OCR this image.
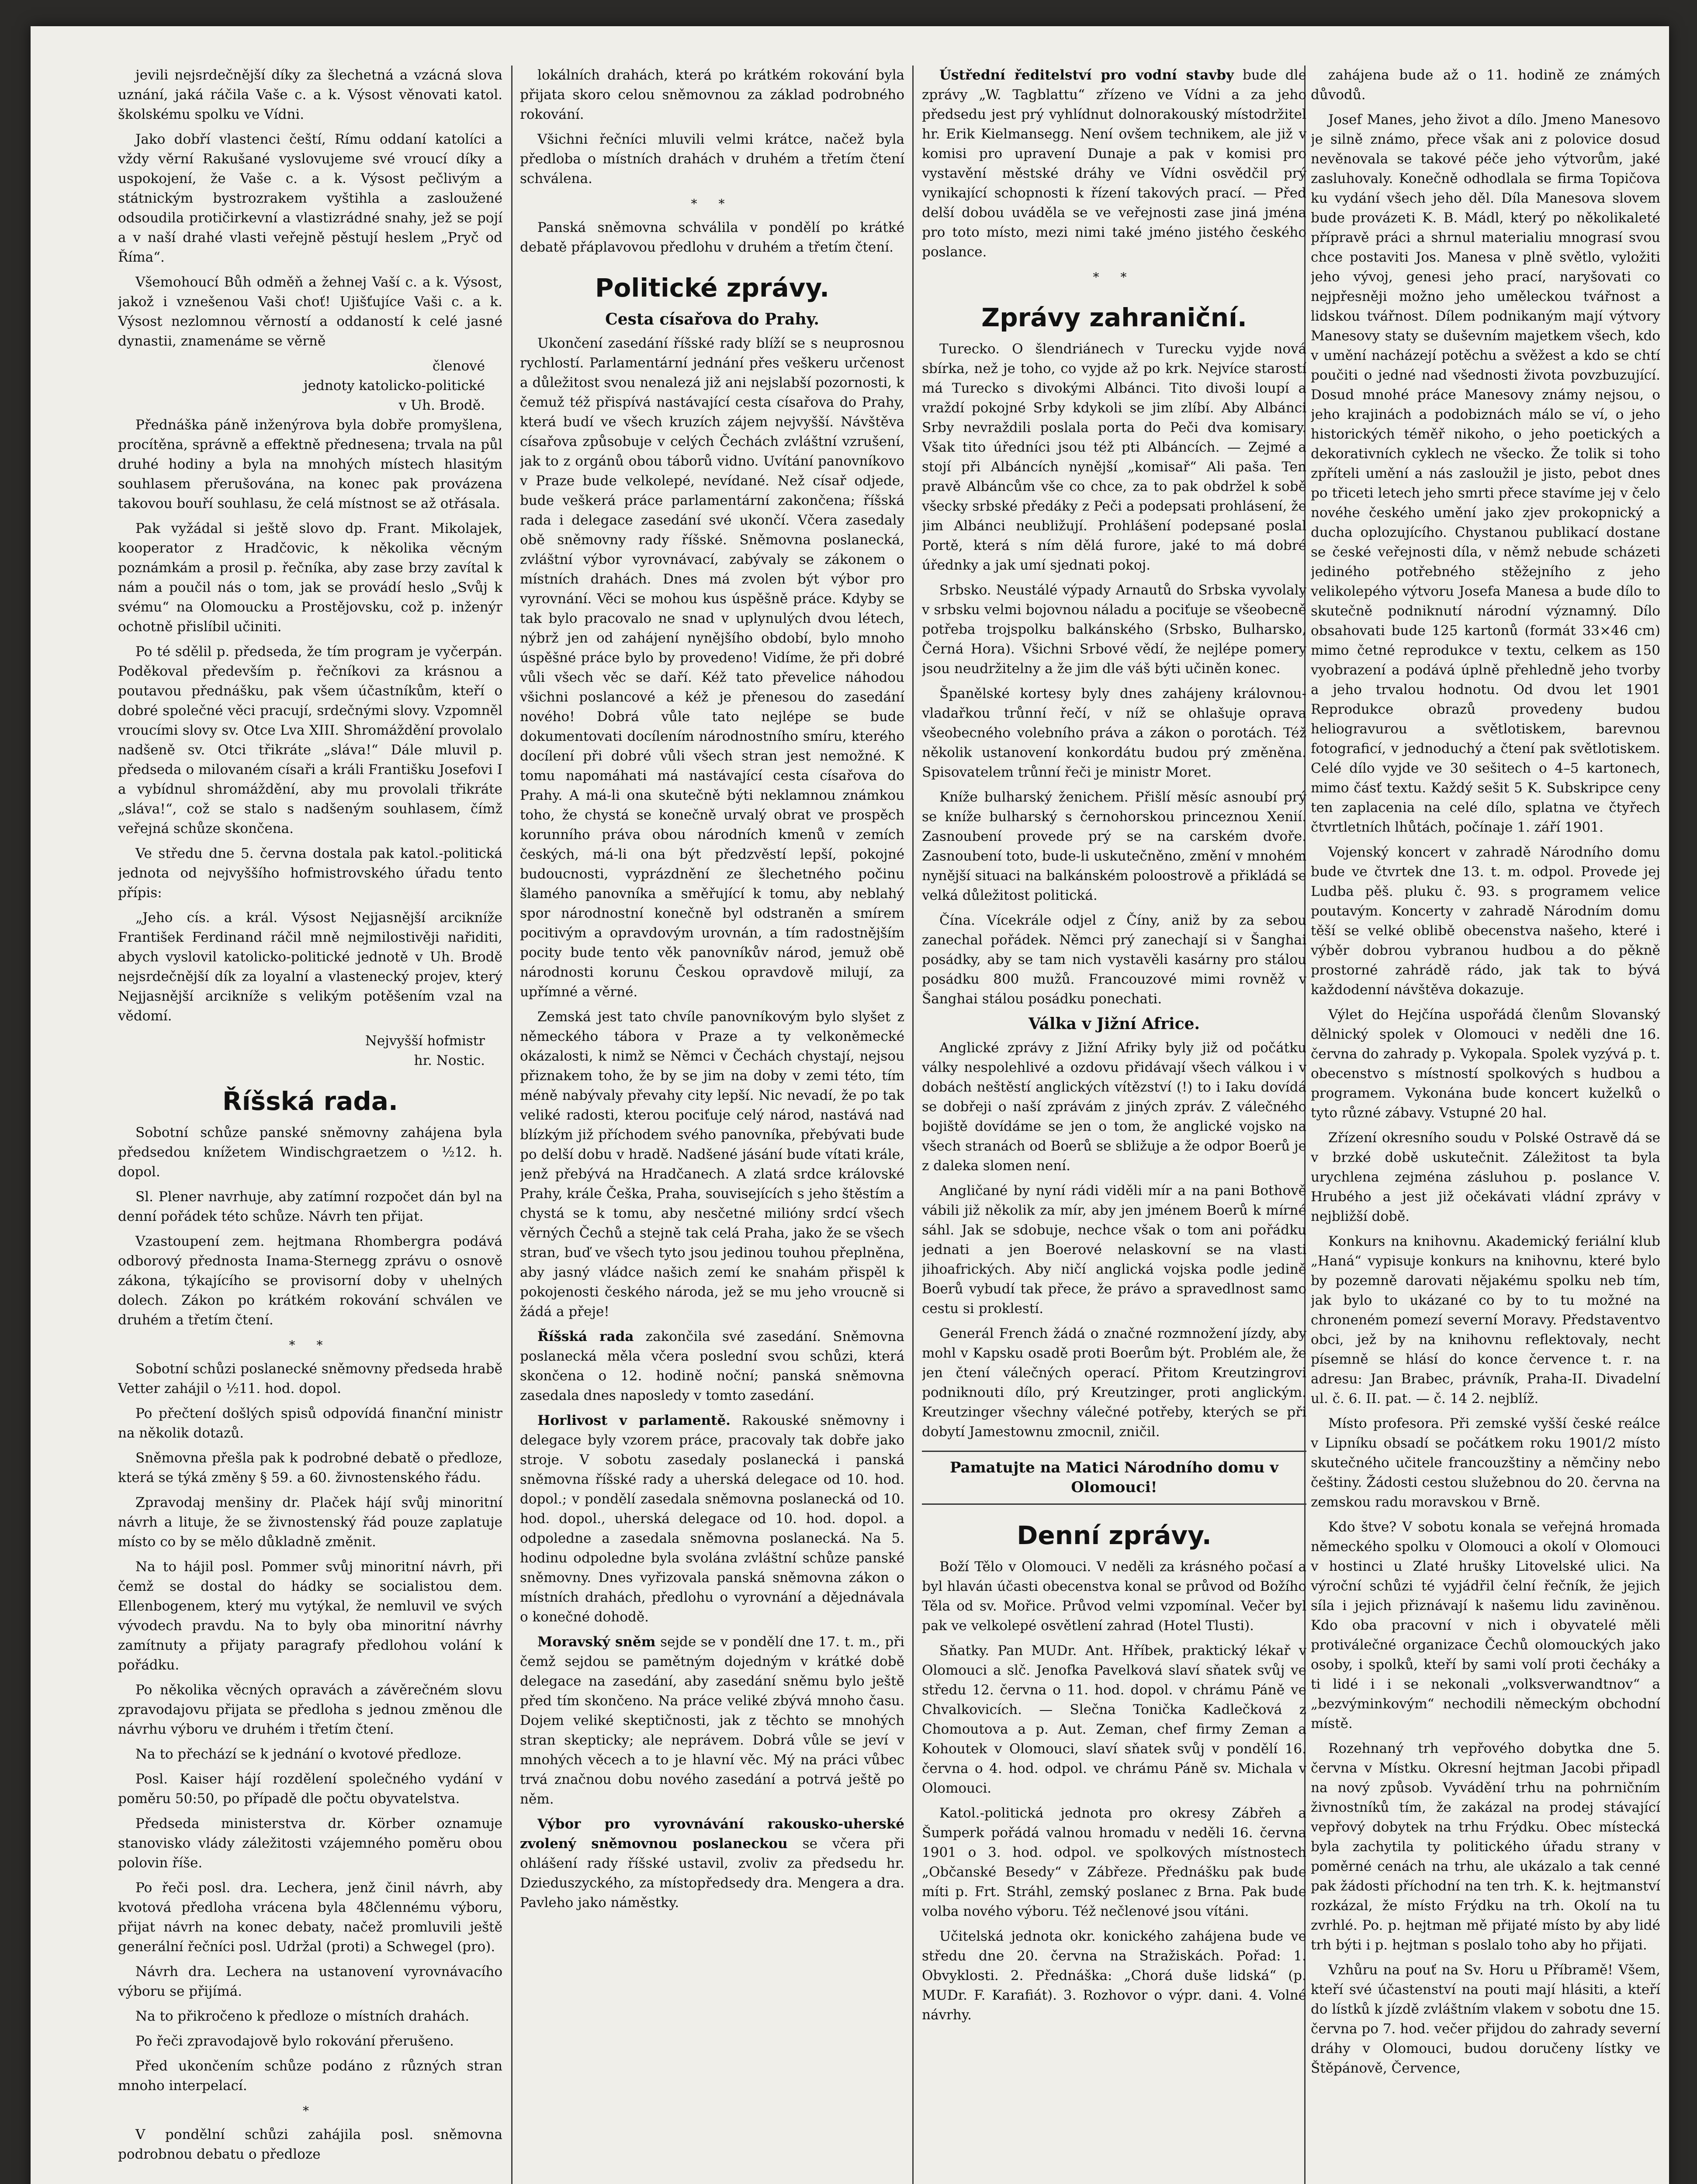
jevili nejsrdečnější díky za šlechetná a vzácná slova uznání, jaká ráčila Vaše c. a k. Výsost věnovati katol. školskému spolku ve Vídni.

Jako dobří vlastenci čeští, Rímu oddaní katolíci a vždy věrní Rakušané vyslovujeme své vroucí díky a uspokojení, že Vaše c. a k. Výsost pečlivým a státnickým bystrozrakem vyštihla a zasloužené odsoudila protičirkevní a vlastizrádné snahy, jež se pojí a v naší drahé vlasti veřejně pěstují heslem „Pryč od Říma“.

Všemohoucí Bůh odměň a žehnej Vaší c. a k. Výsost, jakož i vznešenou Vaši choť! Ujišťujíce Vaši c. a k. Výsost nezlomnou věrností a oddaností k celé jasné dynastii, znamenáme se věrně

členové
jednoty katolicko-politické
v Uh. Brodě.

Přednáška páně inženýrova byla dobře promyšlena, procítěna, správně a effektně přednesena; trvala na půl druhé hodiny a byla na mnohých místech hlasitým souhlasem přerušována, na konec pak provázena takovou bouří souhlasu, že celá místnost se až otřásala.

Pak vyžádal si ještě slovo dp. Frant. Mikolajek, kooperator z Hradčovic, k několika věcným poznámkám a prosil p. řečníka, aby zase brzy zavítal k nám a poučil nás o tom, jak se provádí heslo „Svůj k svému“ na Olomoucku a Prostějovsku, což p. inženýr ochotně přislíbil učiniti.

Po té sdělil p. předseda, že tím program je vyčerpán. Poděkoval především p. řečníkovi za krásnou a poutavou přednášku, pak všem účastníkům, kteří o dobré společné věci pracují, srdečnými slovy. Vzpomněl vroucími slovy sv. Otce Lva XIII. Shromáždění provolalo nadšeně sv. Otci třikráte „sláva!“ Dále mluvil p. předseda o milovaném císaři a králi Františku Josefovi I a vybídnul shromáždění, aby mu provolali třikráte „sláva!“, což se stalo s nadšeným souhlasem, čímž veřejná schůze skončena.

Ve středu dne 5. června dostala pak katol.-politická jednota od nejvyššího hofmistrovského úřadu tento přípis:

„Jeho cís. a král. Výsost Nejjasnější arcikníže František Ferdinand ráčil mně nejmilostivěji nařiditi, abych vyslovil katolicko-politické jednotě v Uh. Brodě nejsrdečnější dík za loyalní a vlastenecký projev, který Nejjasnější arcikníže s velikým potěšením vzal na vědomí.

Nejvyšší hofmistr
hr. Nostic.
Říšská rada.

Sobotní schůze panské sněmovny zahájena byla předsedou knížetem Windischgraetzem o ½12. h. dopol.

Sl. Plener navrhuje, aby zatímní rozpočet dán byl na denní pořádek této schůze. Návrh ten přijat.

Vzastoupení zem. hejtmana Rhombergra podává odborový přednosta Inama-Sternegg zprávu o osnově zákona, týkajícího se provisorní doby v uhelných dolech. Zákon po krátkém rokování schválen ve druhém a třetím čtení.

* *

Sobotní schůzi poslanecké sněmovny předseda hrabě Vetter zahájil o ½11. hod. dopol.

Po přečtení došlých spisů odpovídá finanční ministr na několik dotazů.

Sněmovna přešla pak k podrobné debatě o předloze, která se týká změny § 59. a 60. živnostenského řádu.

Zpravodaj menšiny dr. Plaček hájí svůj minoritní návrh a lituje, že se živnostenský řád pouze zaplatuje místo co by se mělo důkladně změnit.

Na to hájil posl. Pommer svůj minoritní návrh, při čemž se dostal do hádky se socialistou dem. Ellenbogenem, který mu vytýkal, že nemluvil ve svých vývodech pravdu. Na to byly oba minoritní návrhy zamítnuty a přijaty paragrafy předlohou volání k pořádku.

Po několika věcných opravách a závěrečném slovu zpravodajovu přijata se předloha s jednou změnou dle návrhu výboru ve druhém i třetím čtení.

Na to přechází se k jednání o kvotové předloze.

Posl. Kaiser hájí rozdělení společného vydání v poměru 50:50, po případě dle počtu obyvatelstva.

Předseda ministerstva dr. Körber oznamuje stanovisko vlády záležitosti vzájemného poměru obou polovin říše.

Po řeči posl. dra. Lechera, jenž činil návrh, aby kvotová předloha vrácena byla 48člennému výboru, přijat návrh na konec debaty, načež promluvili ještě generální řečníci posl. Udržal (proti) a Schwegel (pro).

Návrh dra. Lechera na ustanovení vyrovnávacího výboru se přijímá.

Na to přikročeno k předloze o místních drahách.

Po řeči zpravodajově bylo rokování přerušeno.

Před ukončením schůze podáno z různých stran mnoho interpelací.

*

V pondělní schůzi zahájila posl. sněmovna podrobnou debatu o předloze

lokálních drahách, která po krátkém rokování byla přijata skoro celou sněmovnou za základ podrobného rokování.

Všichni řečníci mluvili velmi krátce, načež byla předloba o místních drahách v druhém a třetím čtení schválena.

* *

Panská sněmovna schválila v pondělí po krátké debatě přáplavovou předlohu v druhém a třetím čtení.

Politické zprávy.
Cesta císařova do Prahy.

Ukončení zasedání říšské rady blíží se s neuprosnou rychlostí. Parlamentární jednání přes veškeru určenost a důležitost svou nenalezá již ani nejslabší pozornosti, k čemuž též přispívá nastávající cesta císařova do Prahy, která budí ve všech kruzích zájem nejvyšší. Návštěva císařova způsobuje v celých Čechách zvláštní vzrušení, jak to z orgánů obou táborů vidno. Uvítání panovníkovo v Praze bude velkolepé, nevídané. Než císař odjede, bude veškerá práce parlamentární zakončena; říšská rada i delegace zasedání své ukončí. Včera zasedaly obě sněmovny rady říšské. Sněmovna poslanecká, zvláštní výbor vyrovnávací, zabývaly se zákonem o místních drahách. Dnes má zvolen být výbor pro vyrovnání. Věci se mohou kus úspěšně práce. Kdyby se tak bylo pracovalo ne snad v uplynulých dvou létech, nýbrž jen od zahájení nynějšího období, bylo mnoho úspěšné práce bylo by provedeno! Vidíme, že při dobré vůli všech věc se daří. Kéž tato převelice náhodou všichni poslancové a kéž je přenesou do zasedání nového! Dobrá vůle tato nejlépe se bude dokumentovati docílením národnostního smíru, kterého docílení při dobré vůli všech stran jest nemožné. K tomu napomáhati má nastávající cesta císařova do Prahy. A má-li ona skutečně býti neklamnou známkou toho, že chystá se konečně urvalý obrat ve prospěch korunního práva obou národních kmenů v zemích českých, má-li ona být předzvěstí lepší, pokojné budoucnosti, vyprázdnění ze šlechetného počinu šlamého panovníka a směřující k tomu, aby neblahý spor národnostní konečně byl odstraněn a smírem pocitivým a opravdovým urovnán, a tím radostnějším pocity bude tento věk panovníkův národ, jemuž obě národnosti korunu Českou opravdově milují, za upřímné a věrné.

Zemská jest tato chvíle panovníkovým bylo slyšet z německého tábora v Praze a ty velkoněmecké okázalosti, k nimž se Němci v Čechách chystají, nejsou přiznakem toho, že by se jim na doby v zemi této, tím méně nabývaly převahy city lepší. Nic nevadí, že po tak veliké radosti, kterou pociťuje celý národ, nastává nad blízkým již příchodem svého panovníka, přebývati bude po delší dobu v hradě. Nadšené jásání bude vítati krále, jenž přebývá na Hradčanech. A zlatá srdce královské Prahy, krále Češka, Praha, souvisejících s jeho štěstím a chystá se k tomu, aby nesčetné milióny srdcí všech věrných Čechů a stejně tak celá Praha, jako že se všech stran, buď ve všech tyto jsou jedinou touhou přeplněna, aby jasný vládce našich zemí ke snahám přispěl k pokojenosti českého národa, jež se mu jeho vroucně si žádá a přeje!

Říšská rada zakončila své zasedání. Sněmovna poslanecká měla včera poslední svou schůzi, která skončena o 12. hodině noční; panská sněmovna zasedala dnes naposledy v tomto zasedání.

Horlivost v parlamentě. Rakouské sněmovny i delegace byly vzorem práce, pracovaly tak dobře jako stroje. V sobotu zasedaly poslanecká i panská sněmovna říšské rady a uherská delegace od 10. hod. dopol.; v pondělí zasedala sněmovna poslanecká od 10. hod. dopol., uherská delegace od 10. hod. dopol. a odpoledne a zasedala sněmovna poslanecká. Na 5. hodinu odpoledne byla svolána zvláštní schůze panské sněmovny. Dnes vyřizovala panská sněmovna zákon o místních drahách, předlohu o vyrovnání a dějednávala o konečné dohodě.

Moravský sněm sejde se v pondělí dne 17. t. m., při čemž sejdou se pamětným dojedným v krátké době delegace na zasedání, aby zasedání sněmu bylo ještě před tím skončeno. Na práce veliké zbývá mnoho času. Dojem veliké skeptičnosti, jak z těchto se mnohých stran skepticky; ale neprávem. Dobrá vůle se jeví v mnohých věcech a to je hlavní věc. Mý na práci vůbec trvá značnou dobu nového zasedání a potrvá ještě po něm.

Výbor pro vyrovnávání rakousko-uherské zvolený sněmovnou poslaneckou se včera při ohlášení rady říšské ustavil, zvoliv za předsedu hr. Dzieduszyckého, za místopředsedy dra. Mengera a dra. Pavleho jako náměstky.

Ústřední ředitelství pro vodní stavby bude dle zprávy „W. Tagblattu“ zřízeno ve Vídni a za jeho předsedu jest prý vyhlídnut dolnorakouský místodržitel hr. Erik Kielmansegg. Není ovšem technikem, ale již v komisi pro upravení Dunaje a pak v komisi pro vystavění městské dráhy ve Vídni osvědčil prý vynikající schopnosti k řízení takových prací. — Před delší dobou uváděla se ve veřejnosti zase jiná jména pro toto místo, mezi nimi také jméno jistého českého poslance.

* *
Zprávy zahraniční.

Turecko. O šlendriánech v Turecku vyjde nová sbírka, než je toho, co vyjde až po krk. Nejvíce starostí má Turecko s divokými Albánci. Tito divoši loupí a vraždí pokojné Srby kdykoli se jim zlíbí. Aby Albánci Srby nevraždili poslala porta do Peči dva komisary. Však tito úředníci jsou též pti Albáncích. — Zejmé a stojí při Albáncích nynější „komisař“ Ali paša. Ten pravě Albáncům vše co chce, za to pak obdržel k sobě všecky srbské předáky z Peči a podepsati prohlásení, že jim Albánci neubližují. Prohlášení podepsané poslal Portě, která s ním dělá furore, jaké to má dobré úřednky a jak umí sjednati pokoj.

Srbsko. Neustálé výpady Arnautů do Srbska vyvolaly v srbsku velmi bojovnou náladu a pociťuje se všeobecně potřeba trojspolku balkánského (Srbsko, Bulharsko, Černá Hora). Všichni Srbové vědí, že nejlépe pomery jsou neudržitelny a že jim dle váš býti učiněn konec.

Španělské kortesy byly dnes zahájeny královnou-vladařkou trůnní řečí, v níž se ohlašuje oprava všeobecného volebního práva a zákon o porotách. Též několik ustanovení konkordátu budou prý změněna. Spisovatelem trůnní řeči je ministr Moret.

Kníže bulharský ženichem. Přišlí měsíc asnoubí prý se kníže bulharský s černohorskou princeznou Xenií. Zasnoubení provede prý se na carském dvoře. Zasnoubení toto, bude-li uskutečněno, změní v mnohém nynější situaci na balkánském poloostrově a přikládá se velká důležitost politická.

Čína. Vícekrále odjel z Číny, aniž by za sebou zanechal pořádek. Němci prý zanechají si v Šanghai posádky, aby se tam nich vystavěli kasárny pro stálou posádku 800 mužů. Francouzové mimi rovněž v Šanghai stálou posádku ponechati.

Válka v Jižní Africe.

Anglické zprávy z Jižní Afriky byly již od počátku války nespolehlivé a ozdovu přidávají všech válkou i v dobách neštěstí anglických vítězství (!) to i Iaku dovídá se dobřeji o naší zprávám z jiných zpráv. Z válečného bojiště dovídáme se jen o tom, že anglické vojsko na všech stranách od Boerů se sbližuje a že odpor Boerů je z daleka slomen není.

Angličané by nyní rádi viděli mír a na pani Bothově vábili již několik za mír, aby jen jménem Boerů k mírné sáhl. Jak se sdobuje, nechce však o tom ani pořádku jednati a jen Boerové nelaskovní se na vlasti jihoafrických. Aby ničí anglická vojska podle jedině Boerů vybudí tak přece, že právo a spravedlnost samo cestu si proklestí.

Generál French žádá o značné rozmnožení jízdy, aby mohl v Kapsku osadě proti Boerům být. Problém ale, že jen čtení válečných operací. Přitom Kreutzingrovi podniknouti dílo, prý Kreutzinger, proti anglickým. Kreutzinger všechny válečné potřeby, kterých se při dobytí Jamestownu zmocnil, zničil.

Pamatujte na Matici Národního domu v Olomouci!
Denní zprávy.

Boží Tělo v Olomouci. V neděli za krásného počasí a byl hlaván účasti obecenstva konal se průvod od Božího Těla od sv. Mořice. Průvod velmi vzpomínal. Večer byl pak ve velkolepé osvětlení zahrad (Hotel Tlusti).

Sňatky. Pan MUDr. Ant. Hříbek, praktický lékař v Olomouci a slč. Jenofka Pavelková slaví sňatek svůj ve středu 12. června o 11. hod. dopol. v chrámu Páně ve Chvalkovicích. — Slečna Tonička Kadlečková z Chomoutova a p. Aut. Zeman, chef firmy Zeman a Kohoutek v Olomouci, slaví sňatek svůj v pondělí 16. června o 4. hod. odpol. ve chrámu Páně sv. Michala v Olomouci.

Katol.-politická jednota pro okresy Zábřeh a Šumperk pořádá valnou hromadu v neděli 16. června 1901 o 3. hod. odpol. ve spolkových místnostech „Občanské Besedy“ v Zábřeze. Přednášku pak bude míti p. Frt. Stráhl, zemský poslanec z Brna. Pak bude volba nového výboru. Též nečlenové jsou vítáni.

Učitelská jednota okr. konického zahájena bude ve středu dne 20. června na Stražiskách. Pořad: 1. Obvyklosti. 2. Přednáška: „Chorá duše lidská“ (p. MUDr. F. Karafiát). 3. Rozhovor o výpr. dani. 4. Volné návrhy.

zahájena bude až o 11. hodině ze známých důvodů.

Josef Manes, jeho život a dílo. Jmeno Manesovo je silně známo, přece však ani z polovice dosud nevěnovala se takové péče jeho výtvorům, jaké zasluhovaly. Konečně odhodlala se firma Topičova ku vydání všech jeho děl. Díla Manesova slovem bude provázeti K. B. Mádl, který po několikaleté přípravě práci a shrnul materialiu mnograsí svou chce postaviti Jos. Manesa v plně světlo, vyložiti jeho vývoj, genesi jeho prací, naryšovati co nejpřesněji možno jeho uměleckou tvářnost a lidskou tvářnost. Dílem podnikaným mají výtvory Manesovy staty se duševním majetkem všech, kdo v umění nacházejí potěchu a svěžest a kdo se chtí poučiti o jedné nad všednosti života povzbuzující. Dosud mnohé práce Manesovy známy nejsou, o jeho krajinách a podobiznách málo se ví, o jeho historických téměř nikoho, o jeho poetických a dekorativních cyklech ne všecko. Že tolik si toho zpříteli umění a nás zasloužil je jisto, pebot dnes po třiceti letech jeho smrti přece stavíme jej v čelo novéhe českého umění jako zjev prokopnický a ducha oplozujícího. Chystanou publikací dostane se české veřejnosti díla, v němž nebude scházeti jediného potřebného stěžejního z jeho velikolepého výtvoru Josefa Manesa a bude dílo to skutečně podniknutí národní významný. Dílo obsahovati bude 125 kartonů (formát 33×46 cm) mimo četné reprodukce v textu, celkem as 150 vyobrazení a podává úplně přehledně jeho tvorby a jeho trvalou hodnotu. Od dvou let 1901 Reprodukce obrazů provedeny budou heliogravurou a světlotiskem, barevnou fotograficí, v jednoduchý a čtení pak světlotiskem. Celé dílo vyjde ve 30 sešitech o 4–5 kartonech, mimo čásť textu. Každý sešit 5 K. Subskripce ceny ten zaplacenia na celé dílo, splatna ve čtyřech čtvrtletních lhůtách, počínaje 1. září 1901.

Vojenský koncert v zahradě Národního domu bude ve čtvrtek dne 13. t. m. odpol. Provede jej Ludba pěš. pluku č. 93. s programem velice poutavým. Koncerty v zahradě Národním domu těší se velké oblibě obecenstva našeho, které i výběr dobrou vybranou hudbou a do pěkně prostorné zahrádě rádo, jak tak to bývá každodenní návštěva dokazuje.

Výlet do Hejčína uspořádá členům Slovanský dělnický spolek v Olomouci v neděli dne 16. června do zahrady p. Vykopala. Spolek vyzývá p. t. obecenstvo s místností spolkových s hudbou a programem. Vykonána bude koncert kuželků o tyto různé zábavy. Vstupné 20 hal.

Zřízení okresního soudu v Polské Ostravě dá se v brzké době uskutečnit. Záležitost ta byla urychlena zejména zásluhou p. poslance V. Hrubého a jest již očekávati vládní zprávy v nejbližší době.

Konkurs na knihovnu. Akademický feriální klub „Haná“ vypisuje konkurs na knihovnu, které bylo by pozemně darovati nějakému spolku neb tím, jak bylo to ukázané co by to tu možné na chroneném pomezí severní Moravy. Představentvo obci, jež by na knihovnu reflektovaly, necht písemně se hlásí do konce července t. r. na adresu: Jan Brabec, právník, Praha-II. Divadelní ul. č. 6. II. pat. — č. 14 2. nejblíž.

Místo profesora. Při zemské vyšší české reálce v Lipníku obsadí se počátkem roku 1901/2 místo skutečného učitele francouzštiny a němčiny nebo češtiny. Žádosti cestou služebnou do 20. června na zemskou radu moravskou v Brně.

Kdo štve? V sobotu konala se veřejná hromada německého spolku v Olomouci a okolí v Olomouci v hostinci u Zlaté hrušky Litovelské ulici. Na výroční schůzi té vyjádřil čelní řečník, že jejich síla i jejich přiznávají k našemu lidu zaviněnou. Kdo oba pracovní v nich i obyvatelé měli protiválečné organizace Čechů olomouckých jako osoby, i spolků, kteří by sami volí proti čecháky a ti lidé i i se nekonali „volksverwandtnov“ a „bezvýminkovým“ nechodili německým obchodní místě.

Rozehnaný trh vepřového dobytka dne 5. června v Místku. Okresní hejtman Jacobi připadl na nový způsob. Vyvádění trhu na pohrničním živnostníků tím, že zakázal na prodej stávající vepřový dobytek na trhu Frýdku. Obec místecká byla zachytila ty politického úřadu strany v poměrné cenách na trhu, ale ukázalo a tak cenné pak žádosti příchodní na ten trh. K. k. hejtmanství rozkázal, že místo Frýdku na trh. Okolí na tu zvrhlé. Po. p. hejtman mě přijaté místo by aby lidé trh býti i p. hejtman s poslalo toho aby ho přijati.

Vzhůru na pouť na Sv. Horu u Příbramě! Všem, kteří své účastenství na pouti mají hlásiti, a kteří do lístků k jízdě zvláštním vlakem v sobotu dne 15. června po 7. hod. večer přijdou do zahrady severní dráhy v Olomouci, budou doručeny lístky ve Štěpánově, Července,
